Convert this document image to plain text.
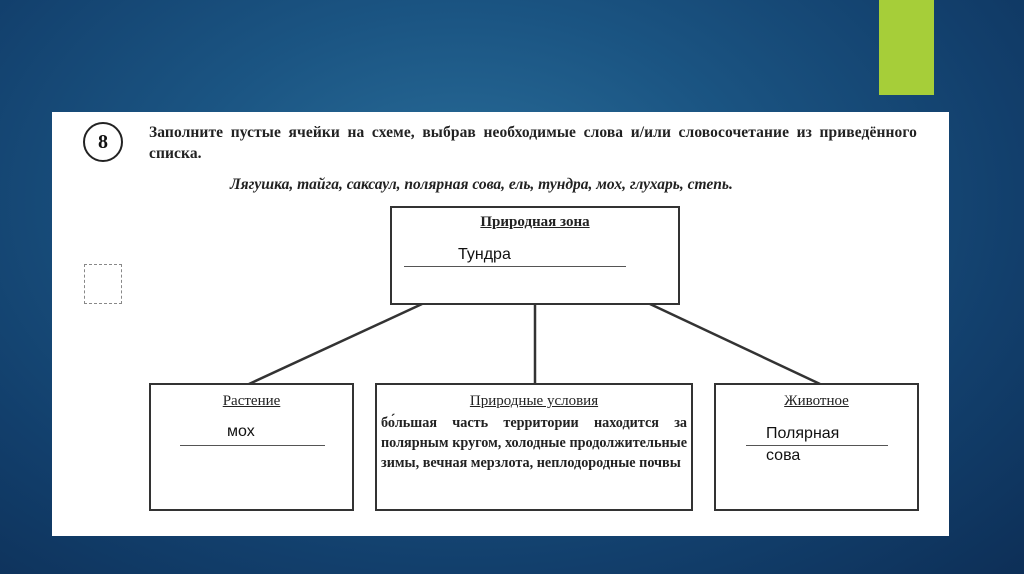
8	Заполните пустые ячейки на схеме, выбрав необходимые слова и/или словосочетание из приведённого списка.
Лягушка, тайга, саксаул, полярная сова, ель, тундра, мох, глухарь, степь.
Природная зона
Тундра
Растение
мох
Природные условия
бо́льшая часть территории находится за полярным кругом, холодные продолжительные зимы, вечная мерзлота, неплодородные почвы
Животное
Полярная сова
